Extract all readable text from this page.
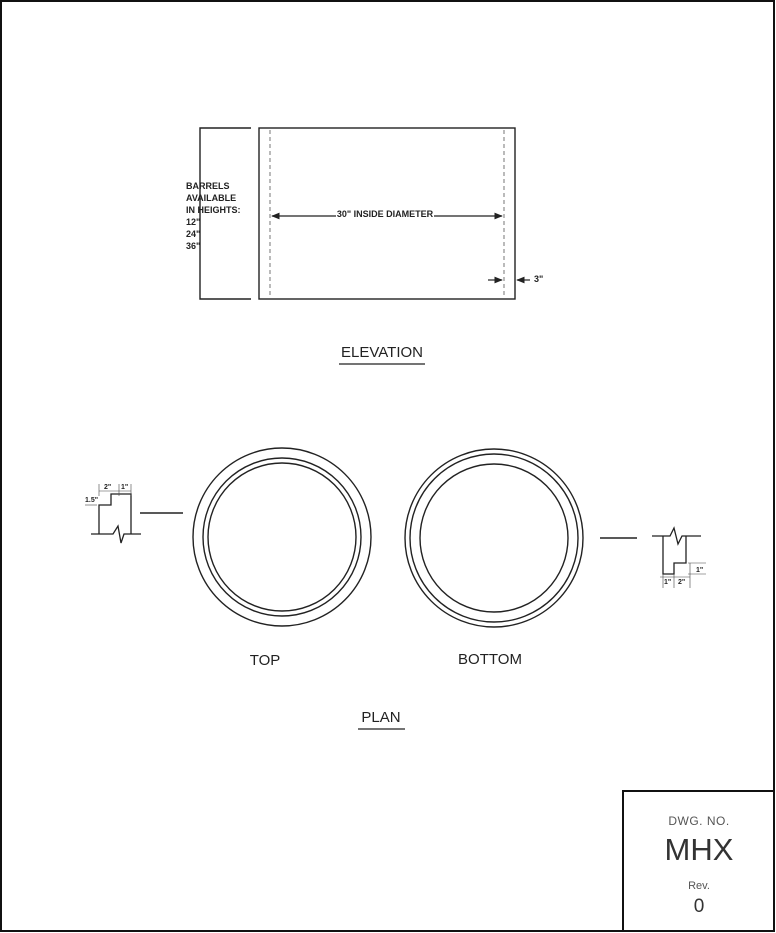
BARRELS
AVAILABLE
IN HEIGHTS:
12"
24"
36"
30" INSIDE DIAMETER
3"
ELEVATION
2" 1"
1.5"
1" 2"
1"
TOP	BOTTOM
PLAN
DWG. NO.
MHX
Rev.
0
